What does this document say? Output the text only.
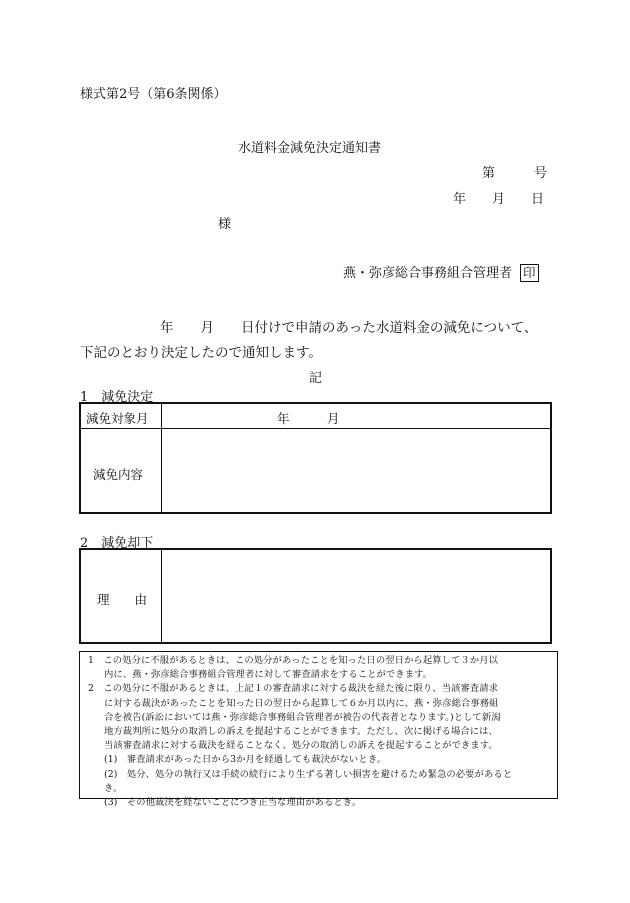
様式第2号（第6条関係）
水道料金減免決定通知書
第　　　号
年　　月　　日
様
燕・弥彦総合事務組合管理者 印
年　　月　　日付けで申請のあった水道料金の減免について、
下記のとおり決定したので通知します。
記
1　減免決定
減免対象月	年　　　月
減免内容
2　減免却下
理　　由
1　この処分に不服があるときは、この処分があったことを知った日の翌日から起算して３か月以
内に、燕・弥彦総合事務組合管理者に対して審査請求をすることができます。
2　この処分に不服があるときは、上記１の審査請求に対する裁決を経た後に限り、当該審査請求
に対する裁決があったことを知った日の翌日から起算して６か月以内に、燕・弥彦総合事務組
合を被告(訴訟においては燕・弥彦総合事務組合管理者が被告の代表者となります。)として新潟
地方裁判所に処分の取消しの訴えを提起することができます。ただし、次に掲げる場合には、
当該審査請求に対する裁決を経ることなく、処分の取消しの訴えを提起することができます。
(1)　審査請求があった日から3か月を経過しても裁決がないとき。
(2)　処分、処分の執行又は手続の続行により生ずる著しい損害を避けるため緊急の必要があると
き。
(3)　その他裁決を経ないことにつき正当な理由があるとき。
